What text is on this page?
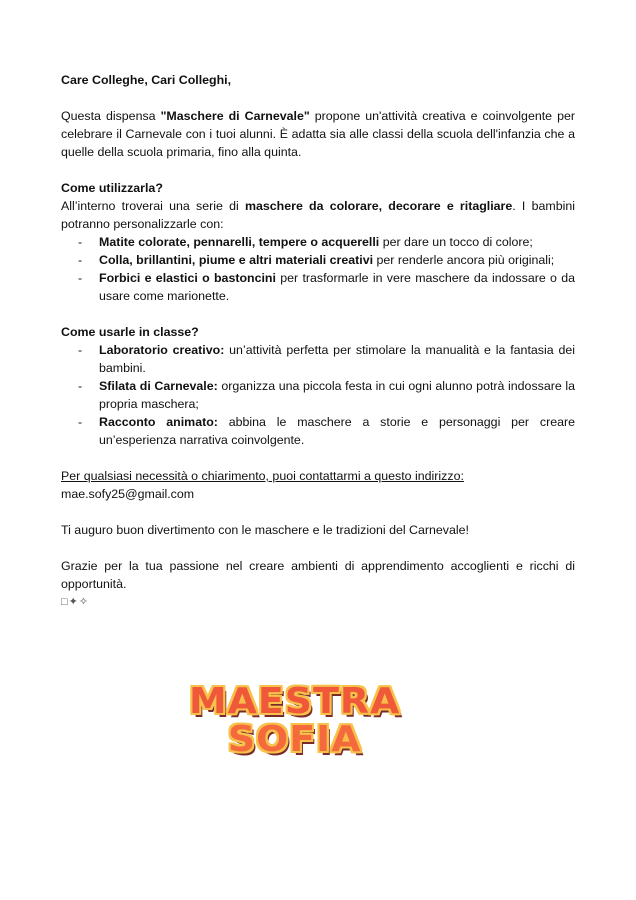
Care Colleghe, Cari Colleghi,

Questa dispensa "Maschere di Carnevale" propone un'attività creativa e coinvolgente per celebrare il Carnevale con i tuoi alunni. È adatta sia alle classi della scuola dell'infanzia che a quelle della scuola primaria, fino alla quinta.

Come utilizzarla?

All’interno troverai una serie di maschere da colorare, decorare e ritagliare. I bambini potranno personalizzarle con:

- Matite colorate, pennarelli, tempere o acquerelli per dare un tocco di colore;
- Colla, brillantini, piume e altri materiali creativi per renderle ancora più originali;
- Forbici e elastici o bastoncini per trasformarle in vere maschere da indossare o da usare come marionette.

Come usarle in classe?

- Laboratorio creativo: un’attività perfetta per stimolare la manualità e la fantasia dei bambini.
- Sfilata di Carnevale: organizza una piccola festa in cui ogni alunno potrà indossare la propria maschera;
- Racconto animato: abbina le maschere a storie e personaggi per creare un’esperienza narrativa coinvolgente.

Per qualsiasi necessità o chiarimento, puoi contattarmi a questo indirizzo: mae.sofy25@gmail.com

Ti auguro buon divertimento con le maschere e le tradizioni del Carnevale!

Grazie per la tua passione nel creare ambienti di apprendimento accoglienti e ricchi di opportunità.

□✦✧

MAESTRA
SOFIA
